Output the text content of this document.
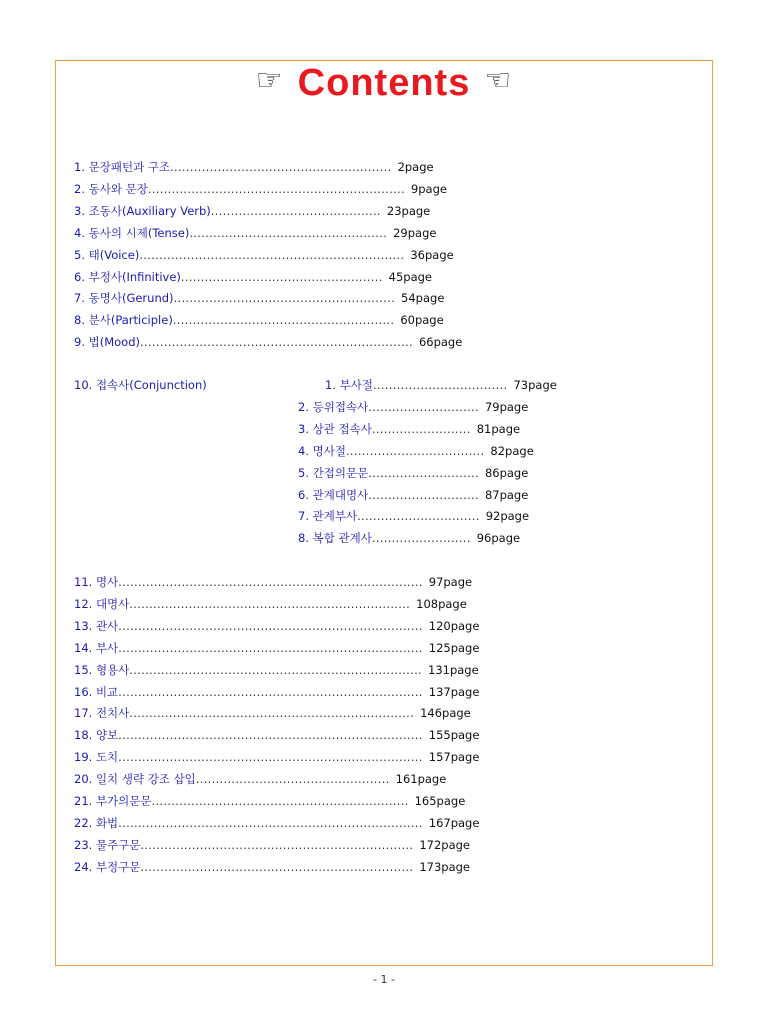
☞ Contents ☜
1. 문장패턴과 구조........................................................ 2page
2. 동사와 문장................................................................. 9page
3. 조동사(Auxiliary Verb)........................................... 23page
4. 동사의 시제(Tense).................................................. 29page
5. 태(Voice)................................................................... 36page
6. 부정사(Infinitive)................................................... 45page
7. 동명사(Gerund)........................................................ 54page
8. 분사(Participle)........................................................ 60page
9. 법(Mood)..................................................................... 66page
10. 접속사(Conjunction)	1. 부사절.................................. 73page
2. 등위접속사............................ 79page
3. 상관 접속사......................... 81page
4. 명사절................................... 82page
5. 간접의문문............................ 86page
6. 관계대명사............................ 87page
7. 관계부사............................... 92page
8. 복합 관계사......................... 96page
11. 명사............................................................................. 97page
12. 대명사....................................................................... 108page
13. 관사............................................................................. 120page
14. 부사............................................................................. 125page
15. 형용사.......................................................................... 131page
16. 비교............................................................................. 137page
17. 전치사........................................................................ 146page
18. 양보............................................................................. 155page
19. 도치............................................................................. 157page
20. 일치 생략 강조 삽입................................................. 161page
21. 부가의문문................................................................. 165page
22. 화법............................................................................. 167page
23. 물주구문..................................................................... 172page
24. 부정구문..................................................................... 173page
- 1 -
